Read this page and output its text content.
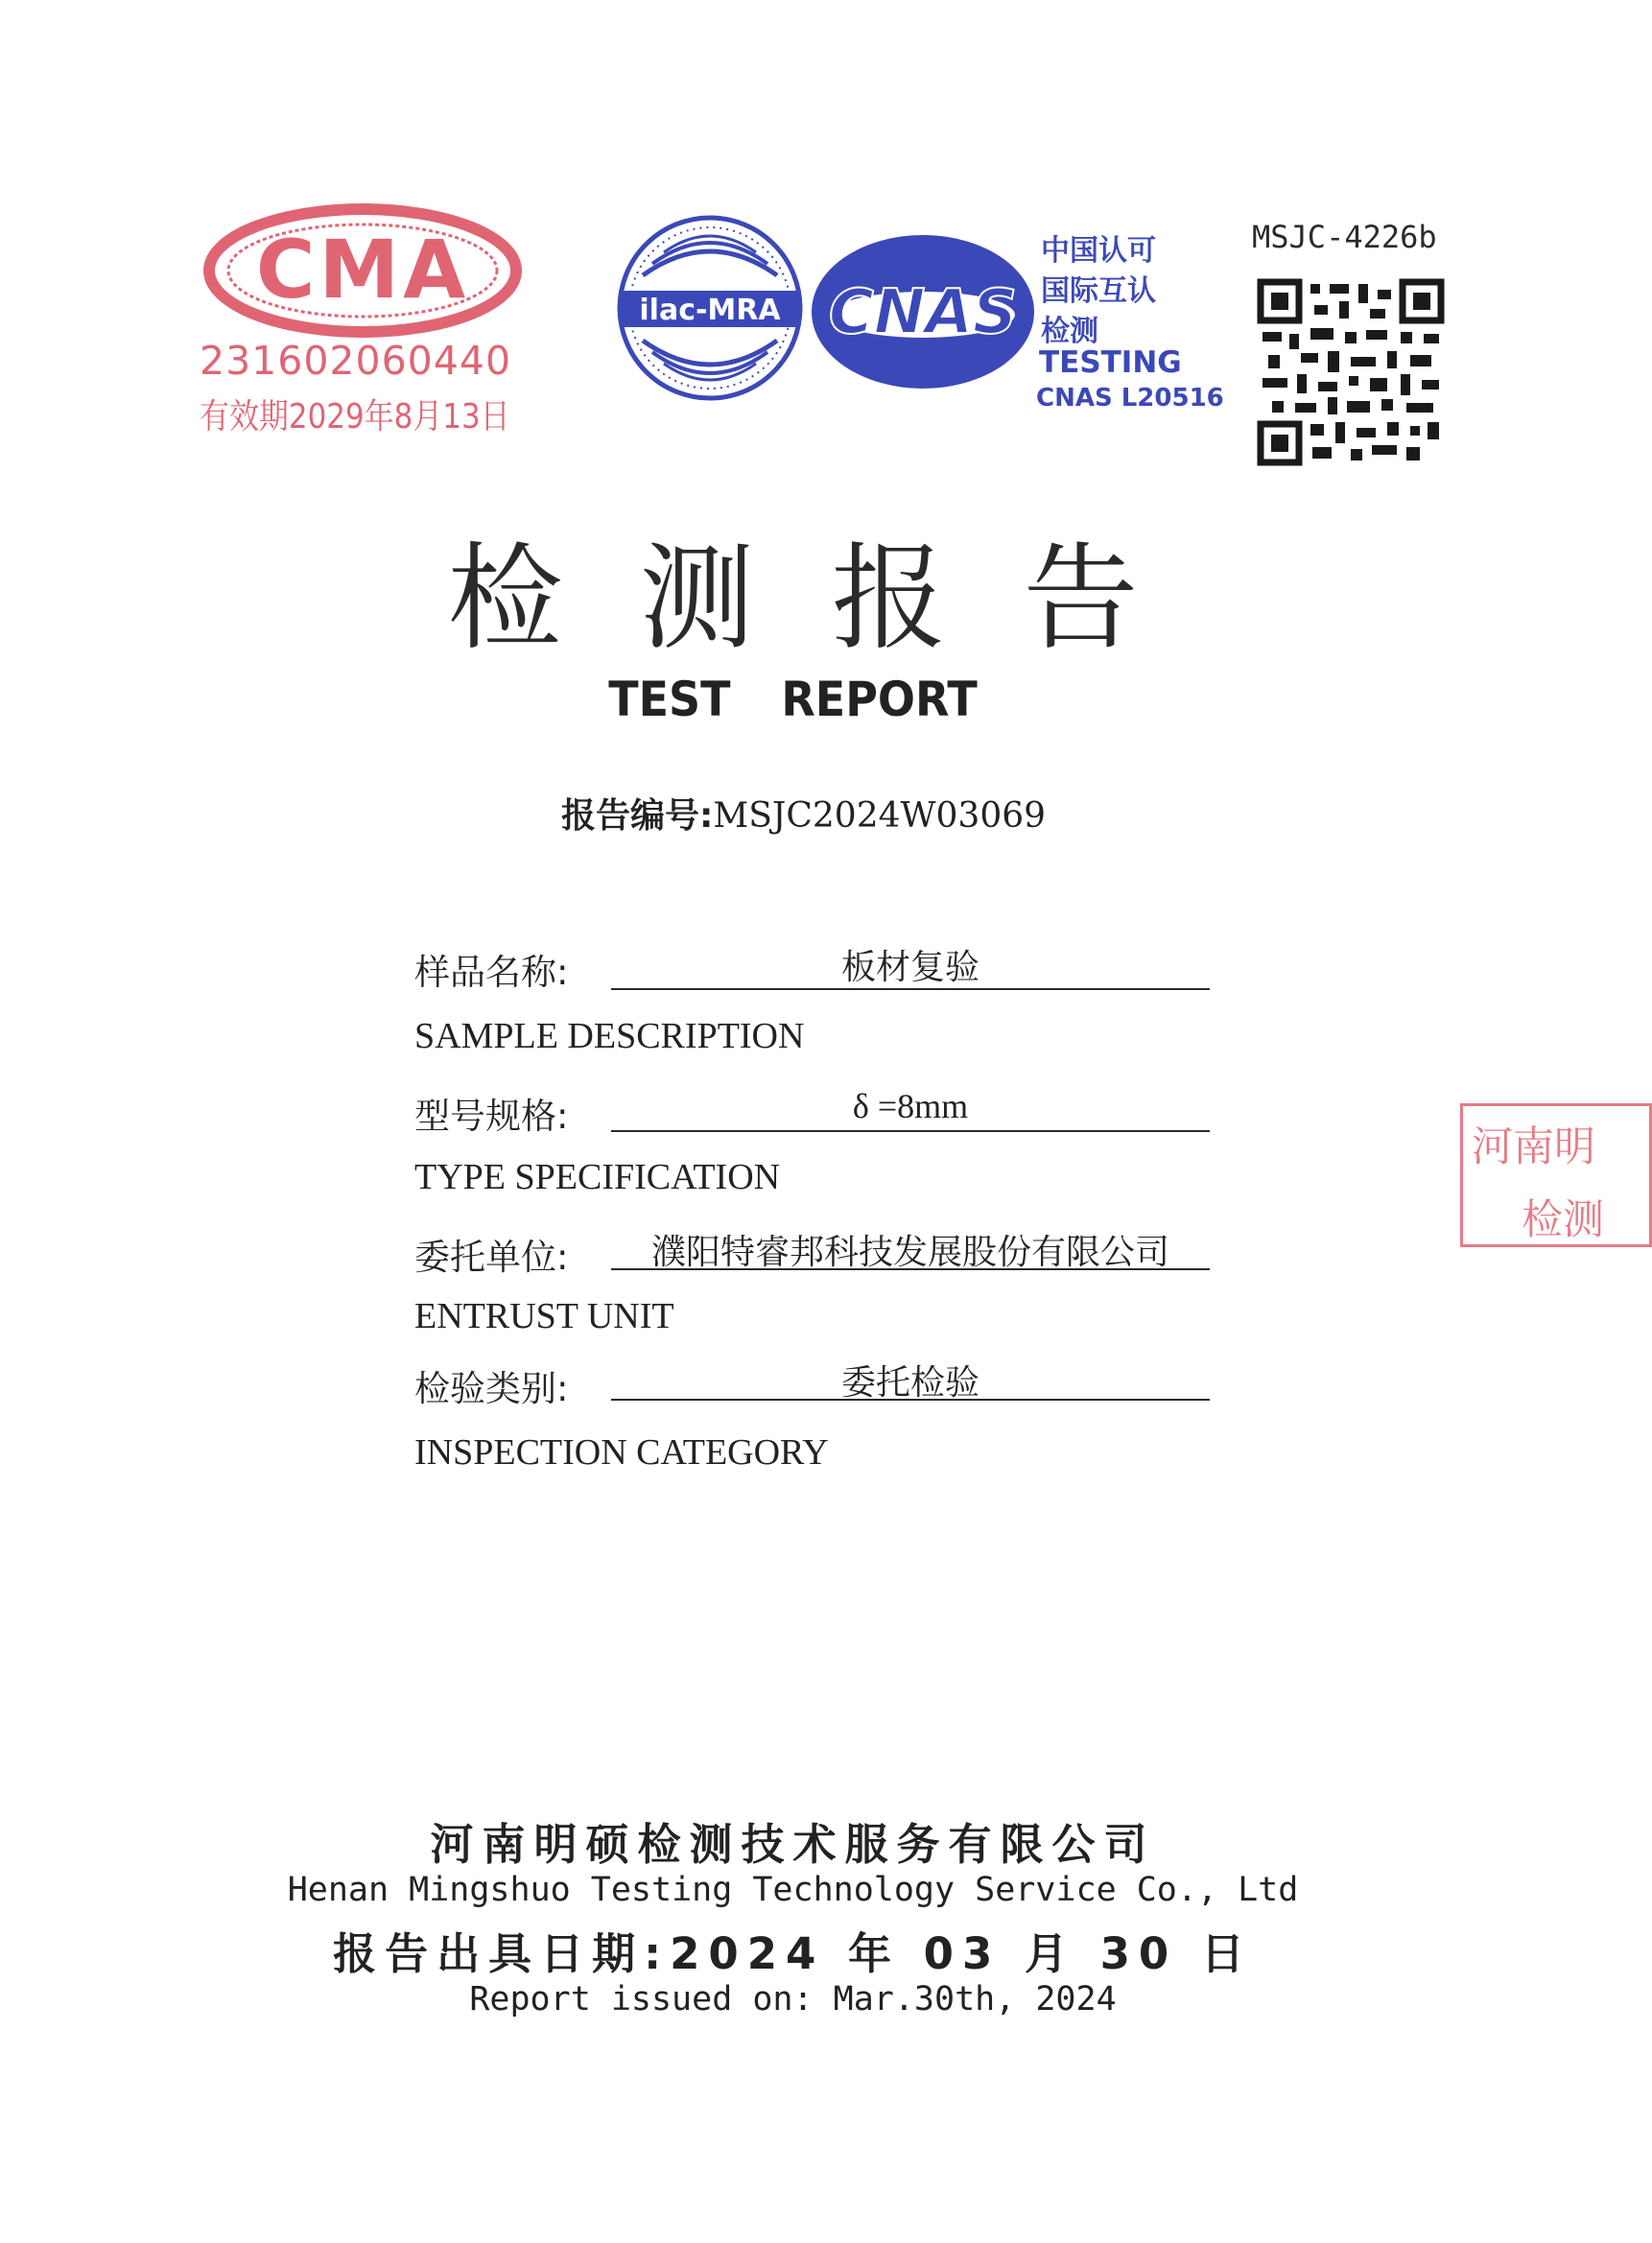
CMA
231602060440
有效期2029年8月13日
ilac-MRA CNAS
中国认可
国际互认
检测
TESTING
CNAS L20516
MSJC-4226b
检测报告
TEST REPORT
报告编号:MSJC2024W03069
样品名称:	板材复验
SAMPLE DESCRIPTION
型号规格:	δ =8mm
TYPE SPECIFICATION
委托单位:	濮阳特睿邦科技发展股份有限公司
ENTRUST UNIT
检验类别:	委托检验
INSPECTION CATEGORY
河南明硕检测技术服务有限公司
Henan Mingshuo Testing Technology Service Co., Ltd
报告出具日期:2024 年 03 月 30 日
Report issued on: Mar.30th, 2024
河南明
检测
